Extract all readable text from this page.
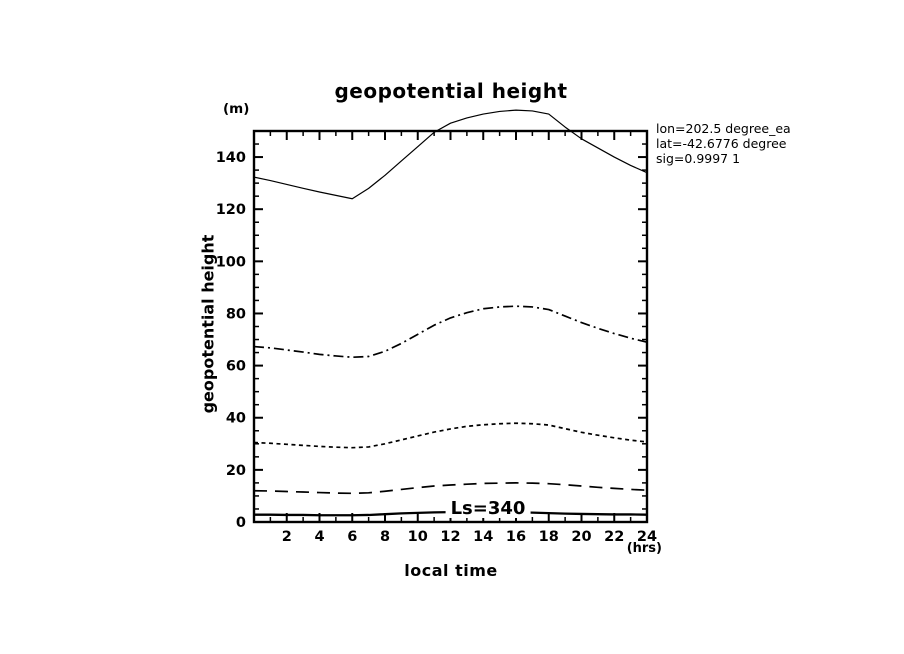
2 4 6 8 10 12 14 16 18 20 22 24
0
20
40
60
80
100
120
140
geopotential height
(m)
geopotential height
local time
(hrs)
Ls=340
lon=202.5 degree_ea
lat=-42.6776 degree
sig=0.9997 1
